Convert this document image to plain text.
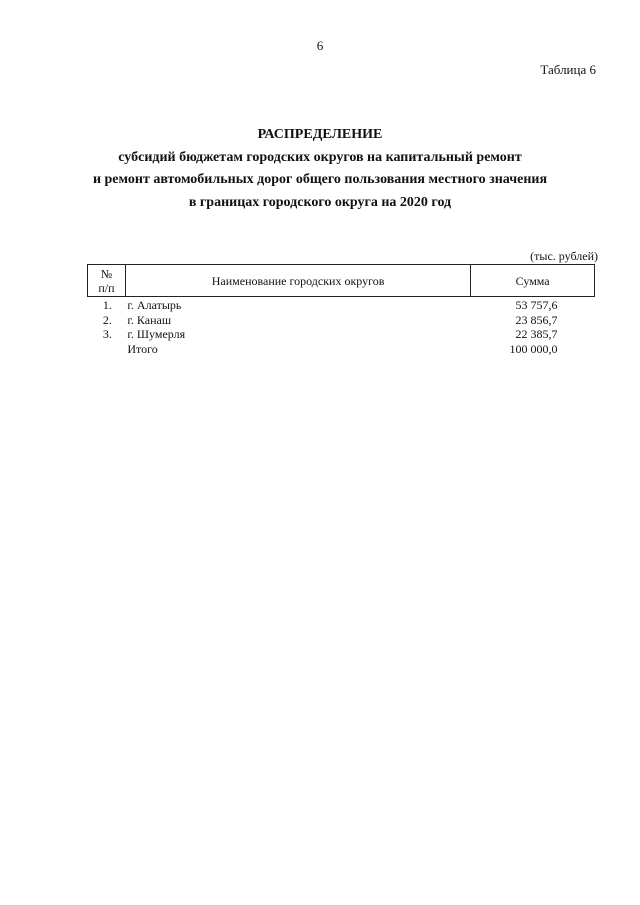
6
Таблица 6
РАСПРЕДЕЛЕНИЕ
субсидий бюджетам городских округов на капитальный ремонт
и ремонт автомобильных дорог общего пользования местного значения
в границах городского округа на 2020 год
(тыс. рублей)
№
п/п	Наименование городских округов	Сумма
1.	г. Алатырь	53 757,6
2.	г. Канаш	23 856,7
3.	г. Шумерля	22 385,7
	Итого	100 000,0
